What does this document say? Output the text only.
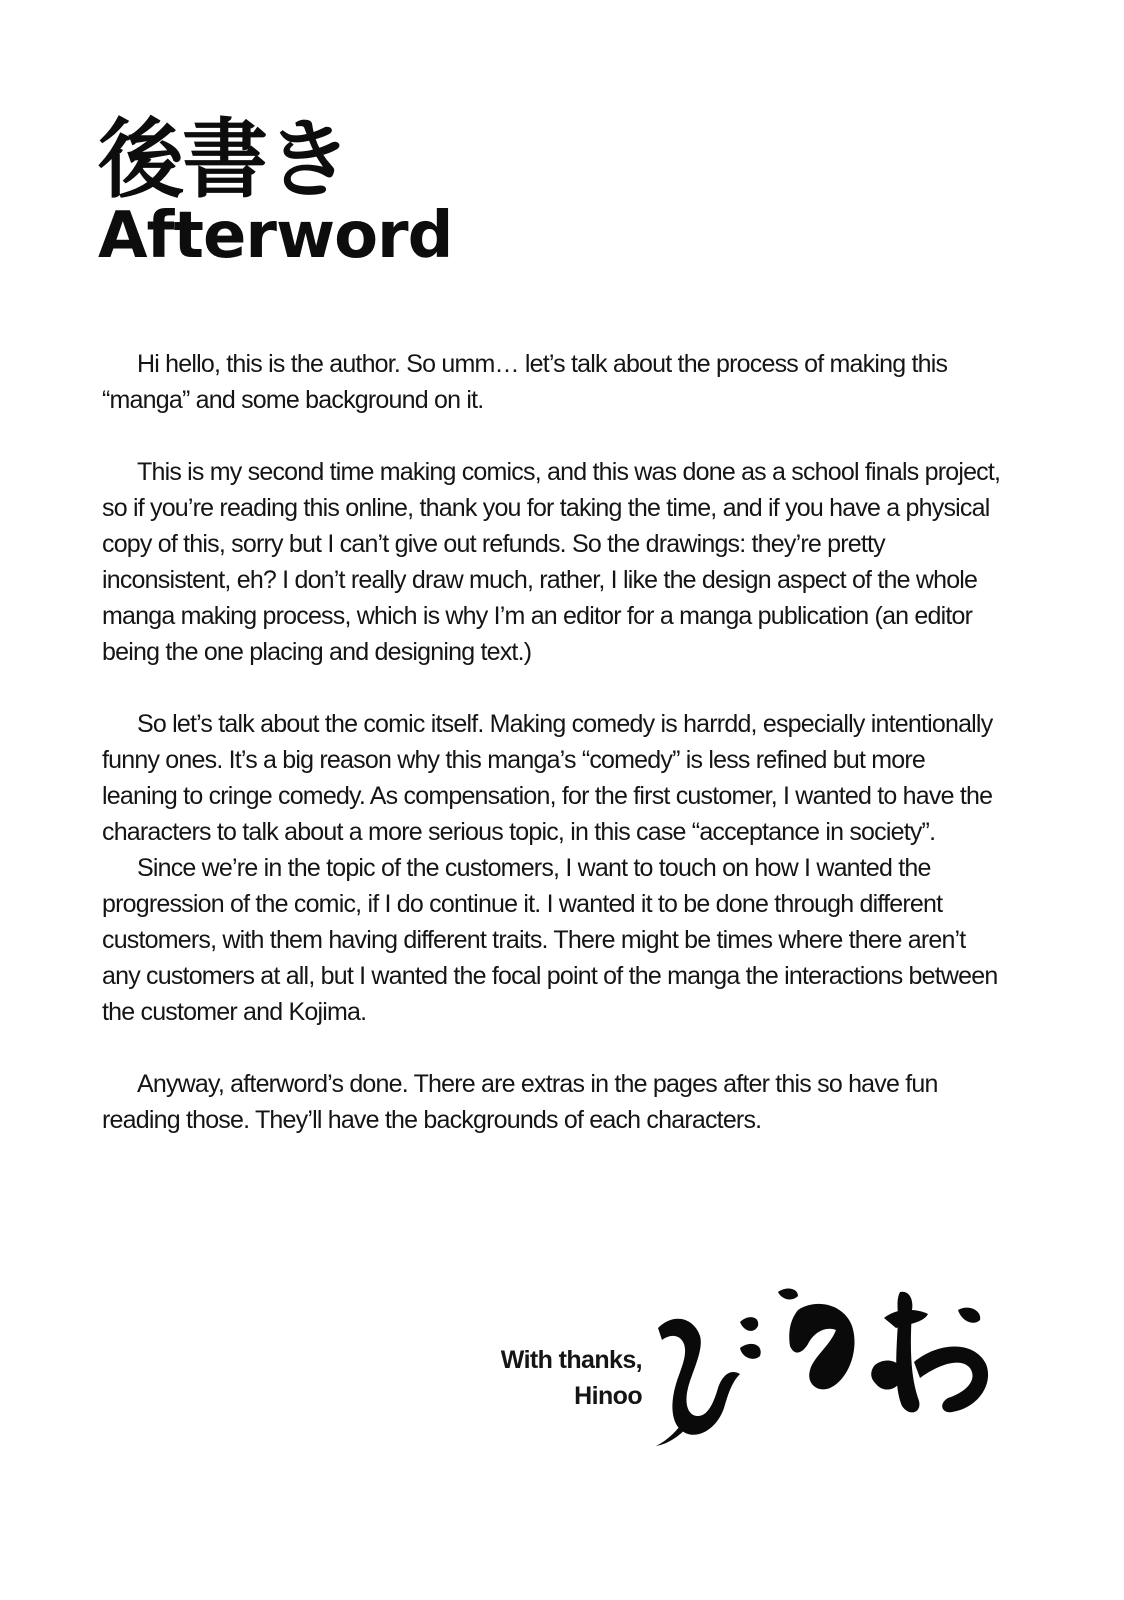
後書き
Afterword

Hi hello, this is the author. So umm… let’s talk about the process of making this “manga” and some background on it.

This is my second time making comics, and this was done as a school finals project, so if you’re reading this online, thank you for taking the time, and if you have a physical copy of this, sorry but I can’t give out refunds. So the drawings: they’re pretty inconsistent, eh? I don’t really draw much, rather, I like the design aspect of the whole manga making process, which is why I’m an editor for a manga publication (an editor being the one placing and designing text.)

So let’s talk about the comic itself. Making comedy is harrdd, especially intentionally funny ones. It’s a big reason why this manga’s “comedy” is less refined but more leaning to cringe comedy. As compensation, for the first customer, I wanted to have the characters to talk about a more serious topic, in this case “acceptance in society”.

Since we’re in the topic of the customers, I want to touch on how I wanted the progression of the comic, if I do continue it. I wanted it to be done through different customers, with them having different traits. There might be times where there aren’t any customers at all, but I wanted the focal point of the manga the interactions between the customer and Kojima.

Anyway, afterword’s done. There are extras in the pages after this so have fun reading those. They’ll have the backgrounds of each characters.

With thanks,
Hinoo
